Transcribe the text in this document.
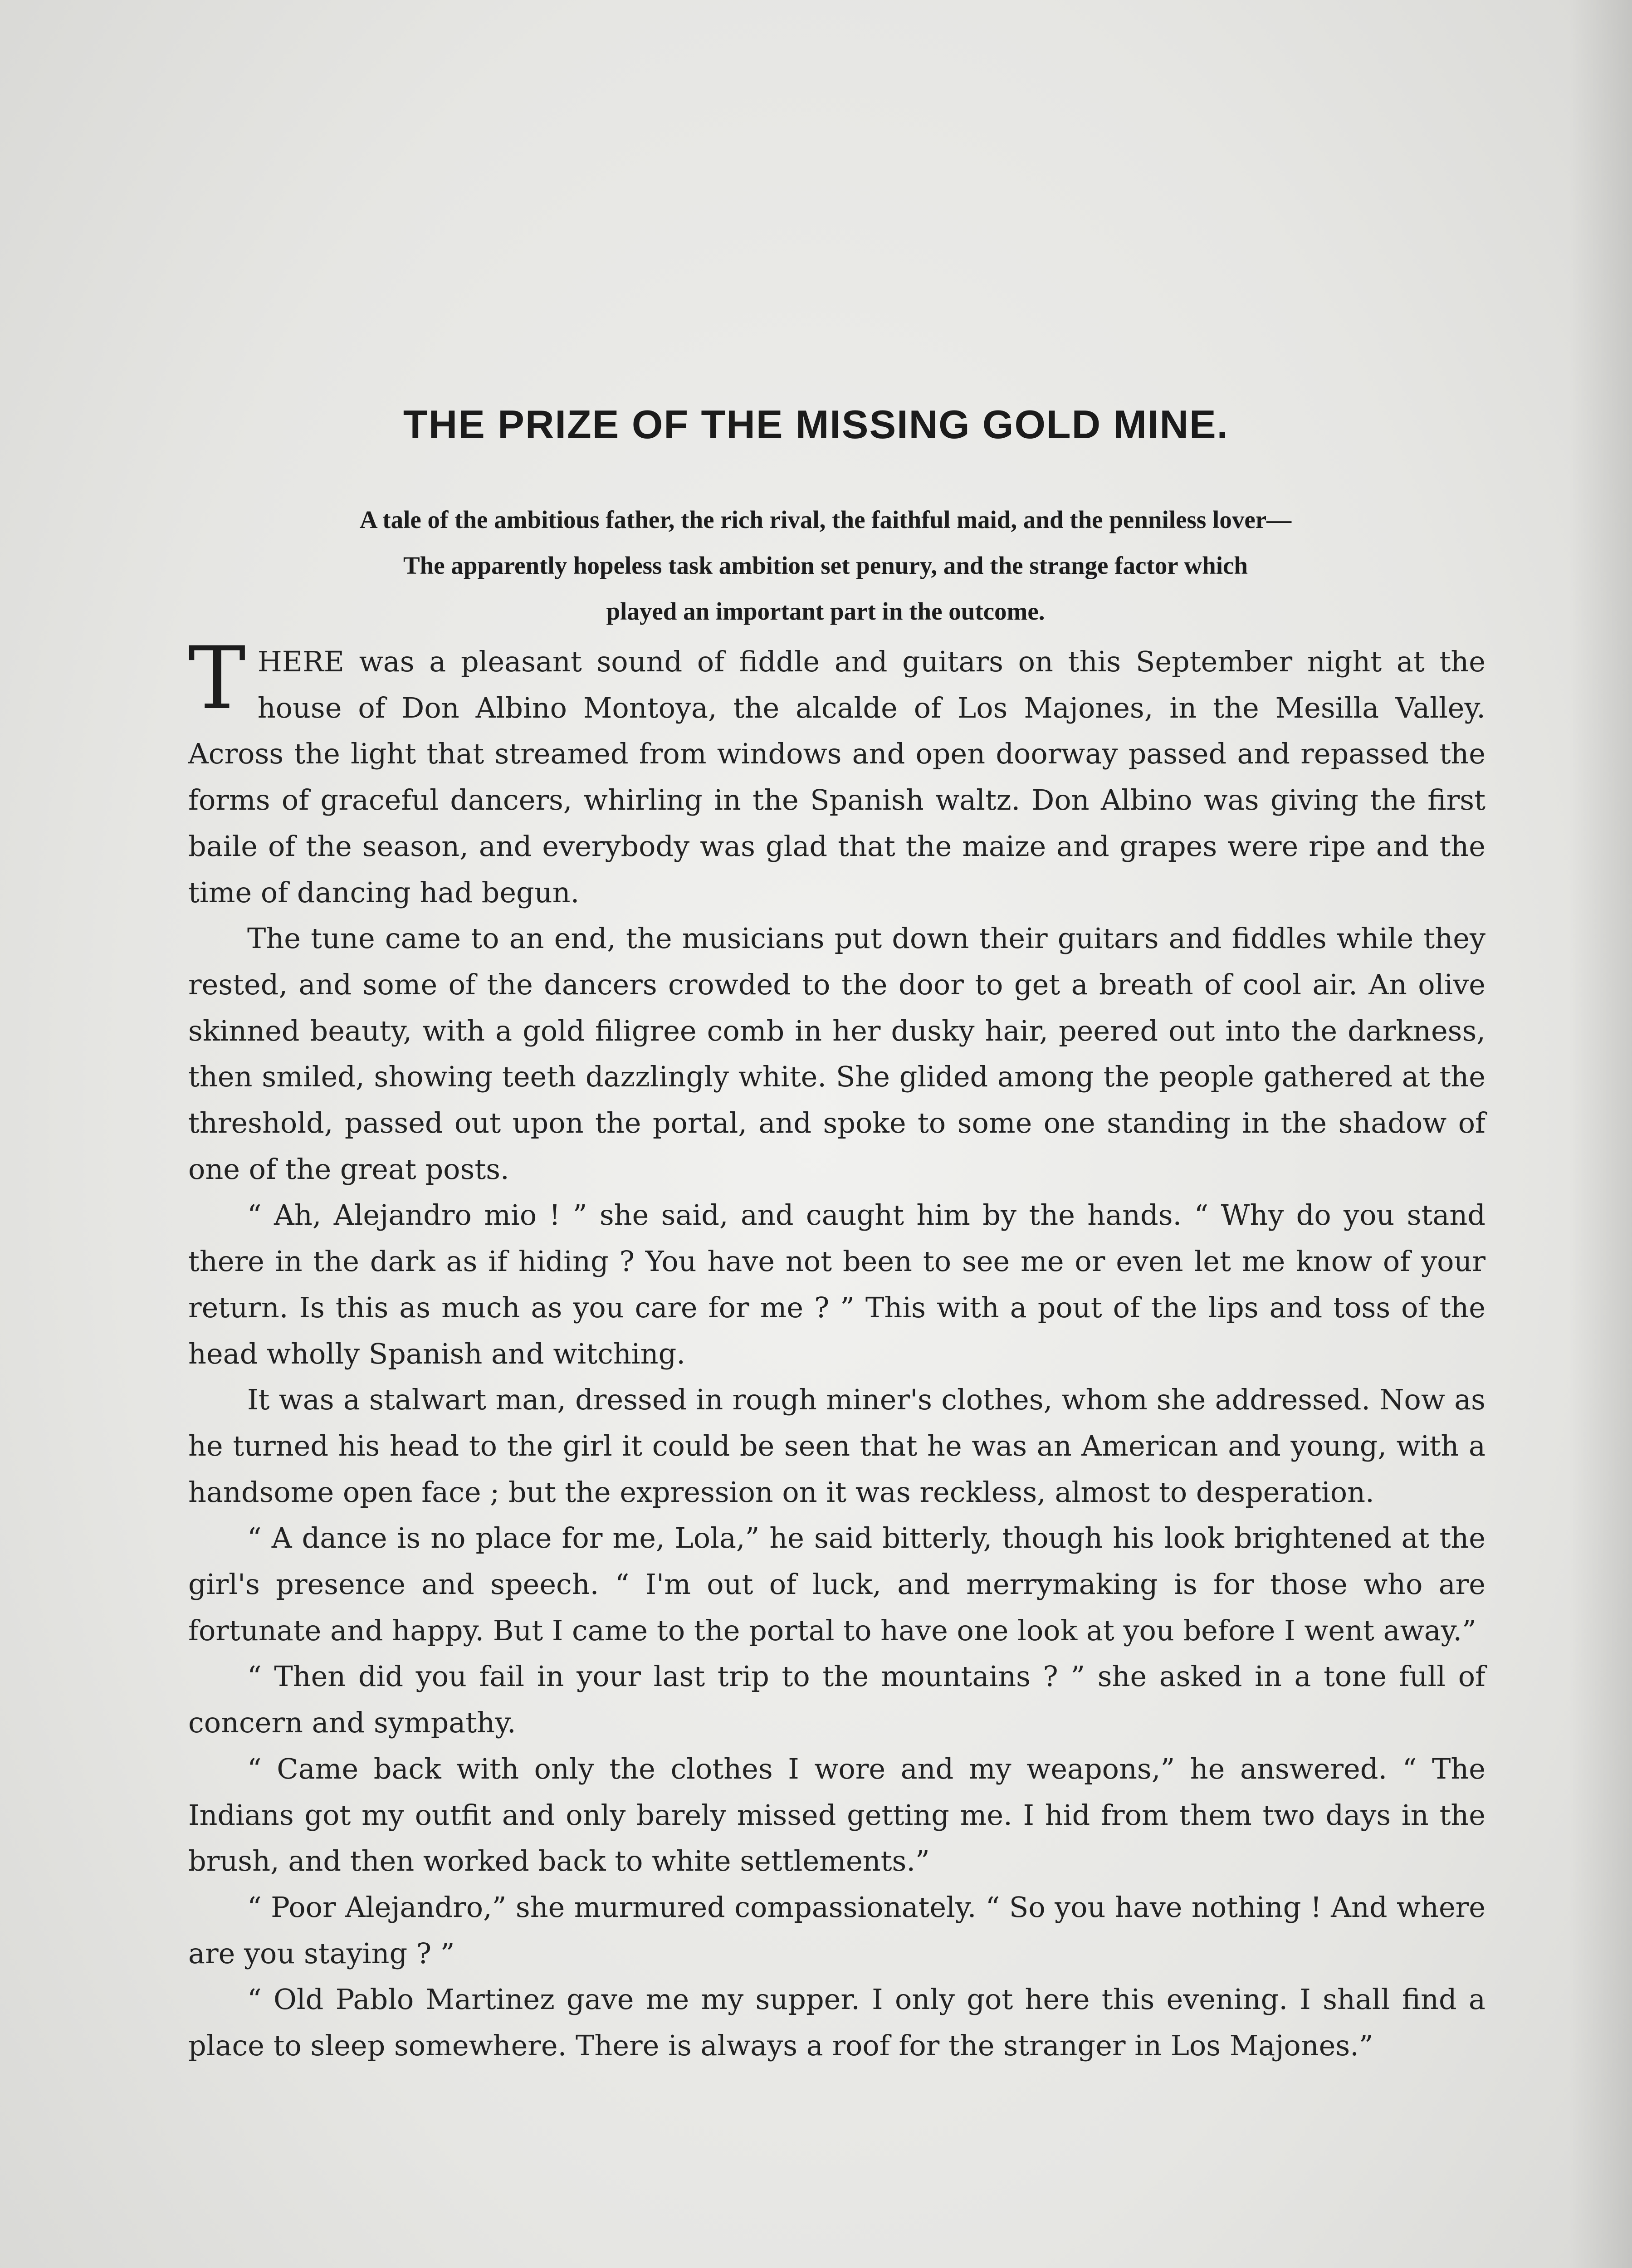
THE PRIZE OF THE MISSING GOLD MINE.
A tale of the ambitious father, the rich rival, the faithful maid, and the penniless lover—
The apparently hopeless task ambition set penury, and the strange factor which
played an important part in the outcome.

THERE was a pleasant sound of fiddle and guitars on this September night at the house of Don Albino Montoya, the alcalde of Los Majones, in the Mesilla Valley. Across the light that streamed from windows and open doorway passed and repassed the forms of graceful dancers, whirling in the Spanish waltz. Don Albino was giving the first baile of the season, and everybody was glad that the maize and grapes were ripe and the time of dancing had begun.

The tune came to an end, the musicians put down their guitars and fiddles while they rested, and some of the dancers crowded to the door to get a breath of cool air. An olive skinned beauty, with a gold filigree comb in her dusky hair, peered out into the darkness, then smiled, showing teeth dazzlingly white. She glided among the people gathered at the threshold, passed out upon the portal, and spoke to some one standing in the shadow of one of the great posts.

“ Ah, Alejandro mio ! ” she said, and caught him by the hands. “ Why do you stand there in the dark as if hiding ? You have not been to see me or even let me know of your return. Is this as much as you care for me ? ” This with a pout of the lips and toss of the head wholly Spanish and witching.

It was a stalwart man, dressed in rough miner's clothes, whom she addressed. Now as he turned his head to the girl it could be seen that he was an American and young, with a handsome open face ; but the expression on it was reckless, almost to desperation.

“ A dance is no place for me, Lola,” he said bitterly, though his look brightened at the girl's presence and speech. “ I'm out of luck, and merrymaking is for those who are fortunate and happy. But I came to the portal to have one look at you before I went away.”

“ Then did you fail in your last trip to the mountains ? ” she asked in a tone full of concern and sympathy.

“ Came back with only the clothes I wore and my weapons,” he answered. “ The Indians got my outfit and only barely missed getting me. I hid from them two days in the brush, and then worked back to white settlements.”

“ Poor Alejandro,” she murmured compassionately. “ So you have nothing ! And where are you staying ? ”

“ Old Pablo Martinez gave me my supper. I only got here this evening. I shall find a place to sleep somewhere. There is always a roof for the stranger in Los Majones.”
